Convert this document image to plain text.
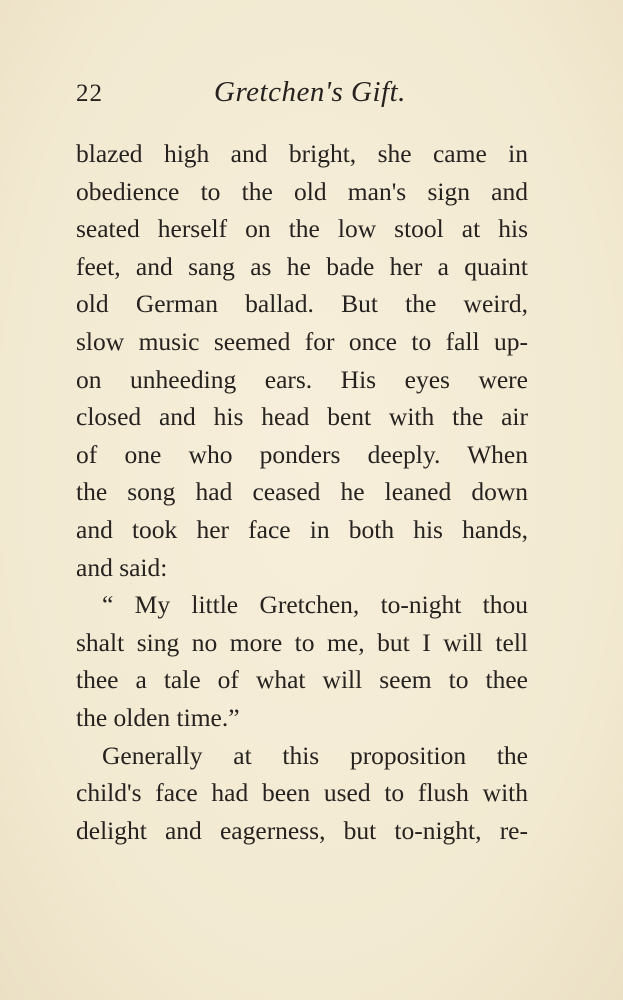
22	Gretchen's Gift.
blazed high and bright, she came in
obedience to the old man's sign and
seated herself on the low stool at his
feet, and sang as he bade her a quaint
old German ballad. But the weird,
slow music seemed for once to fall up-
on unheeding ears. His eyes were
closed and his head bent with the air
of one who ponders deeply. When
the song had ceased he leaned down
and took her face in both his hands,
and said:
“ My little Gretchen, to-night thou
shalt sing no more to me, but I will tell
thee a tale of what will seem to thee
the olden time.”
Generally at this proposition the
child's face had been used to flush with
delight and eagerness, but to-night, re-
